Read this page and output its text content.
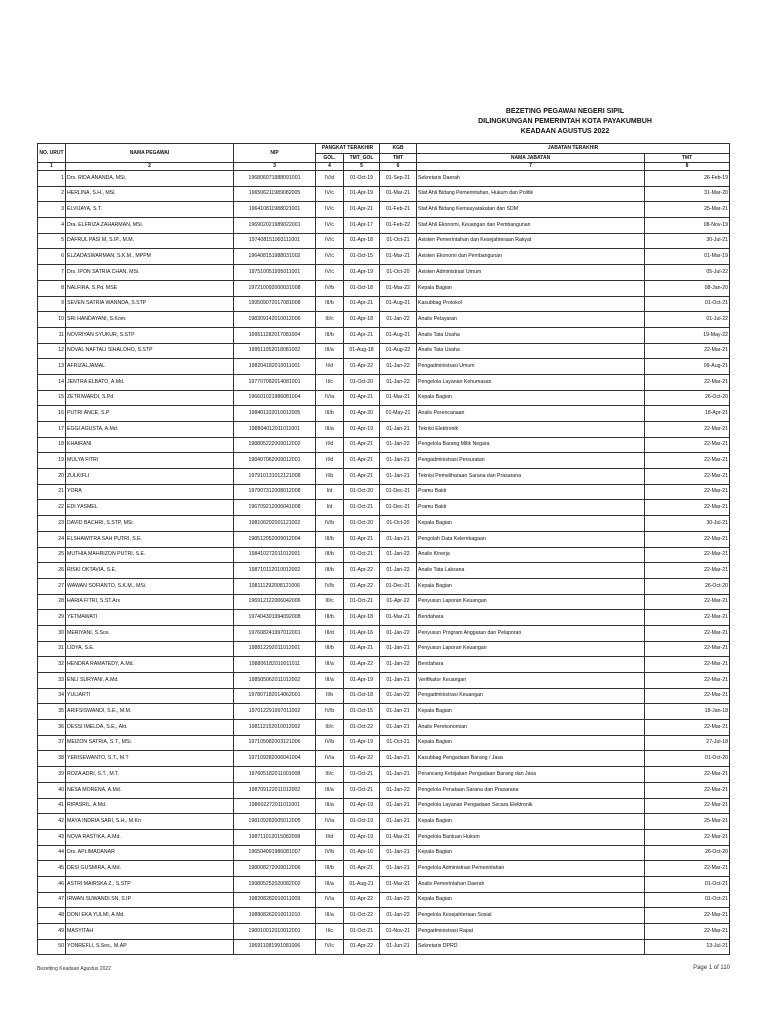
BEZETING PEGAWAI NEGERI SIPIL
DILINGKUNGAN PEMERINTAH KOTA PAYAKUMBUH
KEADAAN AGUSTUS 2022
NO. URUT	NAMA PEGAWAI	NIP	PANGKAT TERAKHIR		KGB	JABATAN TERAKHIR	
			GOL.	TMT_GOL	TMT	NAMA JABATAN	TMT
1	2	3	4	5	6	7	8
1	Drs. RIDA ANANDA, MSi.	196806071988091001	IV/d	01-Oct-19	01-Sep-21	Sekretaris Daerah	26-Feb-19
2	HERLINA, S.H., MSi.	196506211989082005	IV/c	01-Apr-19	01-Mar-21	Staf Ahli Bidang Pemerintahan, Hukum dan Politik	31-Mar-20
3	ELVIJAYA, S.T.	196410811988021001	IV/c	01-Apr-21	01-Feb-21	Staf Ahli Bidang Kemasyarakatan dan SDM	25-Mar-21
4	Dra. ELFRIZA ZAHARMAN, MSi.	196902021989022001	IV/c	01-Apr-17	01-Feb-22	Staf Ahli Ekonomi, Keuangan dan Pembangunan	08-Nov-19
5	DAFRUL PASI M, S.IP., M.M.	197408151993111001	IV/c	01-Apr-18	01-Oct-21	Asisten Pemerintahan dan Kesejahteraan Rakyat	30-Jul-21
6	ELZADASWARMAN, S.K.M., MPPM	196408151988031002	IV/c	01-Oct-15	01-Mar-21	Asisten Ekonomi dan Pembangunan	01-Mar-19
7	Drs. IPON SATRIA CHAN, MSi.	197510051995011001	IV/c	01-Apr-19	01-Oct-20	Asisten Administrasi Umum	05-Jul-22
8	NALFIRA, S.Pd. MSE	197210092000031008	IV/b	01-Oct-18	01-Mar-22	Kepala Bagian	08-Jan-20
9	SEVEN SATRIA WANNDA, S.STP	199509072017081008	III/b	01-Apr-21	01-Aug-21	Kasubbag Protokol	01-Oct-21
10	SRI HANDAYANI, S.Kom.	198309142010012006	III/c	01-Apr-18	01-Jan-22	Analis Pelayaran	01-Jul-22
11	NOVRIYAN SYUKUR, S.STP	199511282017081004	III/b	01-Apr-21	01-Aug-21	Analis Tata Usaha	19-May-22
12	NOVAL NAFTALI SIHALOHO, S.STP	199511052018081002	III/a	01-Aug-18	01-Aug-22	Analis Tata Usaha	22-Mar-21
13	AFRIZALJAMAL	198204182010011001	II/d	01-Apr-22	01-Jan-22	Pengadministrasi Umum	09-Aug-21
14	JENTRA ELBATO, A.Md.	197707082014081001	II/c	01-Oct-20	01-Jan-22	Pengelola Layanan Kehumasan	22-Mar-21
15	ZETRIWARDI, S.Pd	196601021986081004	IV/a	01-Apr-21	01-Mar-21	Kepala Bagian	26-Oct-20
16	PUTRI ANCE, S.P	198401102010012005	III/b	01-Apr-20	01-May-21	Analis Perencanaan	18-Apr-21
17	EGGI AGUSTA, A.Md.	198804012011011001	III/a	01-Apr-19	01-Jan-21	Teknisi Elektronik	22-Mar-21
18	KHAIRANI	198805222009012002	II/d	01-Apr-21	01-Jan-22	Pengelola Barang Milik Negara	22-Mar-21
19	MULYA FITRI	198407062009012001	II/d	01-Apr-21	01-Jan-21	Pengadministrasi Persuratan	22-Mar-21
20	ZULKIFLI	197910131012121008	II/b	01-Apr-21	01-Jan-21	Teknisi Pemeliharaan Sarana dan Prasarana	22-Mar-21
21	YORA	197907312008012008	I/d	01-Oct-20	01-Dec-21	Pramu Bakti	22-Mar-21
22	EDI YASMEL	196709212006041008	I/d	01-Oct-21	01-Dec-21	Pramu Bakti	22-Mar-21
23	DAVID BACHRI, S.STP, MSi.	198106292001121002	IV/b	01-Oct-20	01-Oct-20	Kepala Bagian	30-Jul-21
24	ELSHAWITRA SAH PUTRI, S.E.	198512052009012004	III/b	01-Apr-21	01-Jan-21	Pengolah Data Kelembagaan	22-Mar-21
25	MUTHIA MAHRIZON PUTRI, S.E.	198410272011012001	III/b	01-Oct-21	01-Jan-22	Analis Kinerja	22-Mar-21
26	RISKI OKTAVIA, S.E.	198710112010012002	III/b	01-Apr-22	01-Jan-22	Analis Tata Laksana	22-Mar-21
27	WAWAN SOFIANTO, S.K.M., MSi.	198111292008121006	IV/b	01-Apr-22	01-Dec-21	Kepala Bagian	26-Oct-20
28	HARIA FITRI, S.ST.Ars	196912122006042006	III/c	01-Oct-21	01-Apr-22	Penyusun Laporan Keuangan	22-Mar-21
29	YETMAWATI	197404301994092008	III/b	01-Apr-18	01-Mar-21	Bendahara	22-Mar-21
30	MERIYANI, S.Sos.	197608241997012001	III/d	01-Apr-16	01-Jan-22	Penyusun Program Anggaran dan Pelaporan	22-Mar-21
31	LIDYA, S.E.	198812292011012001	III/b	01-Apr-21	01-Jan-21	Penyusun Laporan Keuangan	22-Mar-21
32	HENDRA RAMATEDY, A.Md.	198806182010011011	III/a	01-Apr-22	01-Jan-22	Bendahara	22-Mar-21
33	ENLI SURYANI, A.Md.	198505062011012002	III/a	01-Apr-19	01-Jan-21	Verifikator Keuangan	22-Mar-21
34	YULIARTI	197807182014062001	II/b	01-Oct-18	01-Jan-22	Pengadministrasi Keuangan	22-Mar-21
35	ARIFSISWANDI, S.E., M.M.	197012291997011002	IV/b	01-Oct-15	01-Jan-21	Kepala Bagian	18-Jan-18
36	DESSI IMELDA, S.E., Akt.	198112152010012002	III/c	01-Oct-22	01-Jan-21	Analis Perekonomian	22-Mar-21
37	MEIZON SATRIA, S.T., MSi.	197105082003121006	IV/b	01-Apr-19	01-Oct-21	Kepala Bagian	27-Jul-18
38	YERISEWANTO, S.T., M.T	197109282006041004	IV/a	01-Apr-22	01-Jan-21	Kasubbag Pengadaan Barang / Jasa	01-Oct-20
39	ROZA ADRI, S.T., M.T.	197605182011001008	III/c	01-Oct-21	01-Jan-21	Perancang Kebijakan Pengadaan Barang dan Jasa	22-Mar-21
40	NESA MORENA, A.Md.	198709122011012002	III/a	01-Oct-21	01-Jan-22	Pengelola Penataan Sarana dan Prasarana	22-Mar-21
41	RIPASRIL, A.Md.	198602272011011001	III/a	01-Apr-19	01-Jan-21	Pengelola Layanan Pengadaan Secara Elektronik	22-Mar-21
42	MAYA INDRIA SARI, S.H., M.Kn	198109282005012005	IV/a	01-Oct-19	01-Jan-21	Kepala Bagian	25-Mar-21
43	NOVA RASTIKA, A.Md.	198711012015082008	II/d	01-Apr-19	01-Mar-21	Pengelola Bantuan Hukum	22-Mar-21
44	Drs. APLIMADANAR	196504091986081007	IV/b	01-Apr-16	01-Jan-21	Kepala Bagian	26-Oct-20
45	DESI GUSMIRA, A.Md.	198008272009012006	III/b	01-Apr-21	01-Jan-21	Pengelola Administrasi Pemerintahan	22-Mar-21
46	ASTRI MAIRSKA Z., S.STP	199805252020082002	III/a	01-Aug-21	01-Mar-21	Analis Pemerintahan Daerah	01-Oct-21
47	IRWAN SUWANDI.SN, S.IP	198208282010011009	IV/a	01-Apr-22	01-Jan-22	Kepala Bagian	01-Oct-21
48	DONI EKA YULMI, A.Md.	198808262010011010	III/a	01-Oct-22	01-Jan-22	Pengelola Kesejahteraan Sosial	22-Mar-21
49	MASYITAH	198910012010012001	II/c	01-Oct-21	01-Nov-21	Pengadministrasi Rapat	22-Mar-21
50	YONREFLI, S.Sos., M.AP	196911081991081006	IV/c	01-Apr-22	01-Jun-21	Sekretaris DPRD	13-Jul-21
Bezetting Keadaan Agustus 2022	Page 1 of 110
